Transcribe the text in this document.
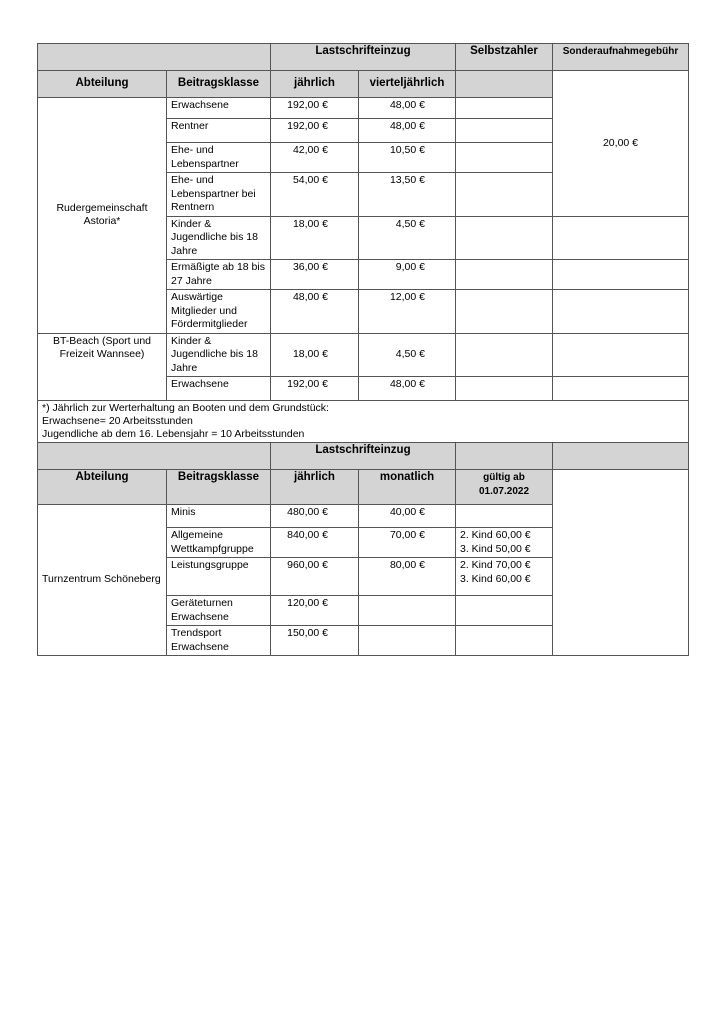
		Lastschrifteinzug		Selbstzahler	Sonderaufnahmegebühr
Abteilung	Beitragsklasse	jährlich	vierteljährlich		20,00 €
Rudergemeinschaft Astoria*	Erwachsene	192,00 €	48,00 €		
	Rentner	192,00 €	48,00 €		
	Ehe- und Lebenspartner	42,00 €	10,50 €		
	Ehe- und Lebenspartner bei Rentnern	54,00 €	13,50 €		
	Kinder & Jugendliche bis 18 Jahre	18,00 €	4,50 €		
	Ermäßigte ab 18 bis 27 Jahre	36,00 €	9,00 €		
	Auswärtige Mitglieder und Fördermitglieder	48,00 €	12,00 €		
BT-Beach (Sport und Freizeit Wannsee)	Kinder & Jugendliche bis 18 Jahre	18,00 €	4,50 €		
	Erwachsene	192,00 €	48,00 €		

*) Jährlich zur Werterhaltung an Booten und dem Grundstück:
Erwachsene= 20 Arbeitsstunden
Jugendliche ab dem 16. Lebensjahr = 10 Arbeitsstunden					

		Lastschrifteinzug			
Abteilung	Beitragsklasse	jährlich	monatlich	gültig ab
01.07.2022	

Turnzentrum Schöneberg	Minis	480,00 €	40,00 €		
	Allgemeine Wettkampfgruppe	840,00 €	70,00 €	2. Kind 60,00 €
3. Kind 50,00 €	

	Leistungsgruppe	960,00 €	80,00 €	2. Kind 70,00 €
3. Kind 60,00 €	

	Geräteturnen Erwachsene	120,00 €			
	Trendsport Erwachsene	150,00 €			
